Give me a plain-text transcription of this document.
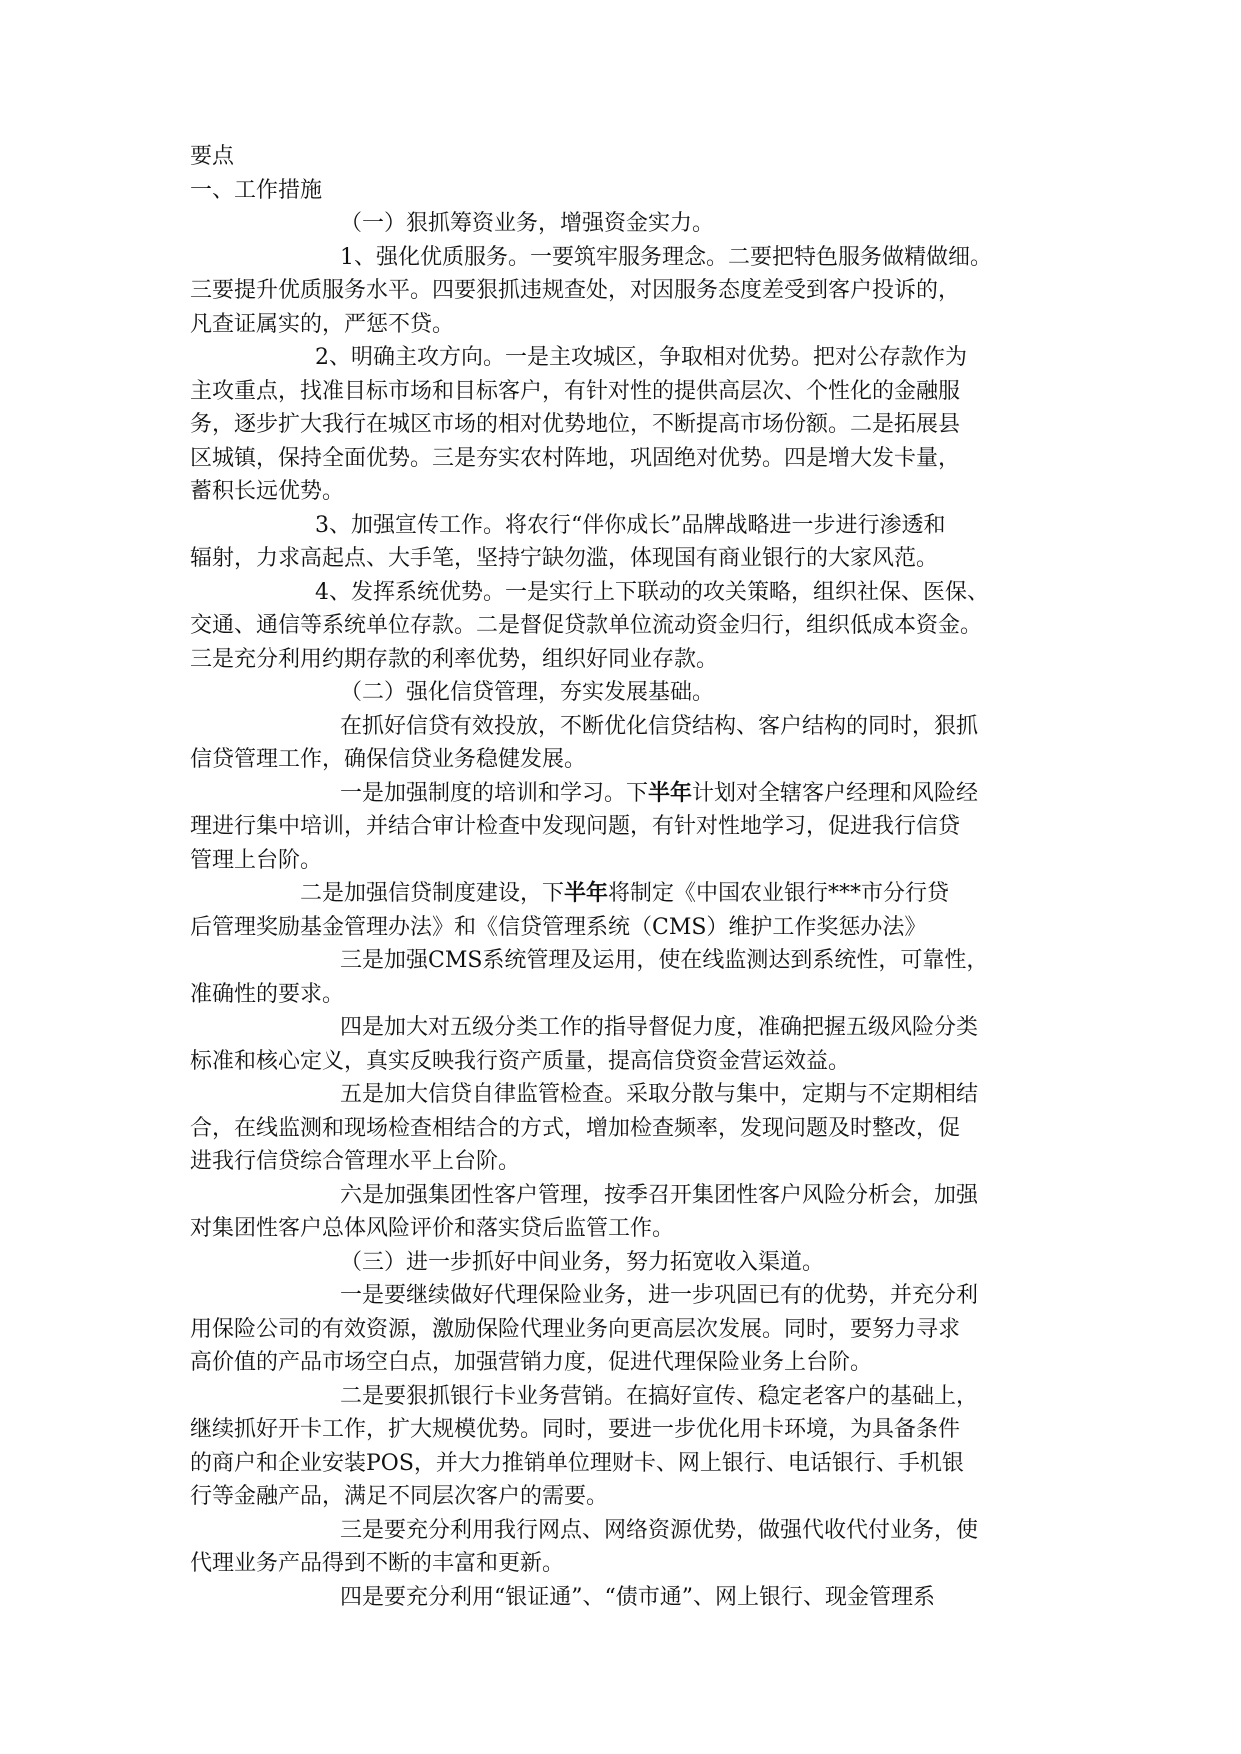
要点
一、工作措施
（一）狠抓筹资业务，增强资金实力。
1、强化优质服务。一要筑牢服务理念。二要把特色服务做精做细。
三要提升优质服务水平。四要狠抓违规查处，对因服务态度差受到客户投诉的，
凡查证属实的，严惩不贷。
2、明确主攻方向。一是主攻城区，争取相对优势。把对公存款作为
主攻重点，找准目标市场和目标客户，有针对性的提供高层次、个性化的金融服
务，逐步扩大我行在城区市场的相对优势地位，不断提高市场份额。二是拓展县
区城镇，保持全面优势。三是夯实农村阵地，巩固绝对优势。四是增大发卡量，
蓄积长远优势。
3、加强宣传工作。将农行“伴你成长”品牌战略进一步进行渗透和
辐射，力求高起点、大手笔，坚持宁缺勿滥，体现国有商业银行的大家风范。
4、发挥系统优势。一是实行上下联动的攻关策略，组织社保、医保、
交通、通信等系统单位存款。二是督促贷款单位流动资金归行，组织低成本资金。
三是充分利用约期存款的利率优势，组织好同业存款。
（二）强化信贷管理，夯实发展基础。
在抓好信贷有效投放，不断优化信贷结构、客户结构的同时，狠抓
信贷管理工作，确保信贷业务稳健发展。
一是加强制度的培训和学习。下半年计划对全辖客户经理和风险经
理进行集中培训，并结合审计检查中发现问题，有针对性地学习，促进我行信贷
管理上台阶。
二是加强信贷制度建设，下半年将制定《中国农业银行***市分行贷
后管理奖励基金管理办法》和《信贷管理系统（CMS）维护工作奖惩办法》
三是加强CMS系统管理及运用，使在线监测达到系统性，可靠性，
准确性的要求。
四是加大对五级分类工作的指导督促力度，准确把握五级风险分类
标准和核心定义，真实反映我行资产质量，提高信贷资金营运效益。
五是加大信贷自律监管检查。采取分散与集中，定期与不定期相结
合，在线监测和现场检查相结合的方式，增加检查频率，发现问题及时整改，促
进我行信贷综合管理水平上台阶。
六是加强集团性客户管理，按季召开集团性客户风险分析会，加强
对集团性客户总体风险评价和落实贷后监管工作。
（三）进一步抓好中间业务，努力拓宽收入渠道。
一是要继续做好代理保险业务，进一步巩固已有的优势，并充分利
用保险公司的有效资源，激励保险代理业务向更高层次发展。同时，要努力寻求
高价值的产品市场空白点，加强营销力度，促进代理保险业务上台阶。
二是要狠抓银行卡业务营销。在搞好宣传、稳定老客户的基础上，
继续抓好开卡工作，扩大规模优势。同时，要进一步优化用卡环境，为具备条件
的商户和企业安装POS，并大力推销单位理财卡、网上银行、电话银行、手机银
行等金融产品，满足不同层次客户的需要。
三是要充分利用我行网点、网络资源优势，做强代收代付业务，使
代理业务产品得到不断的丰富和更新。
四是要充分利用“银证通”、“债市通”、网上银行、现金管理系
